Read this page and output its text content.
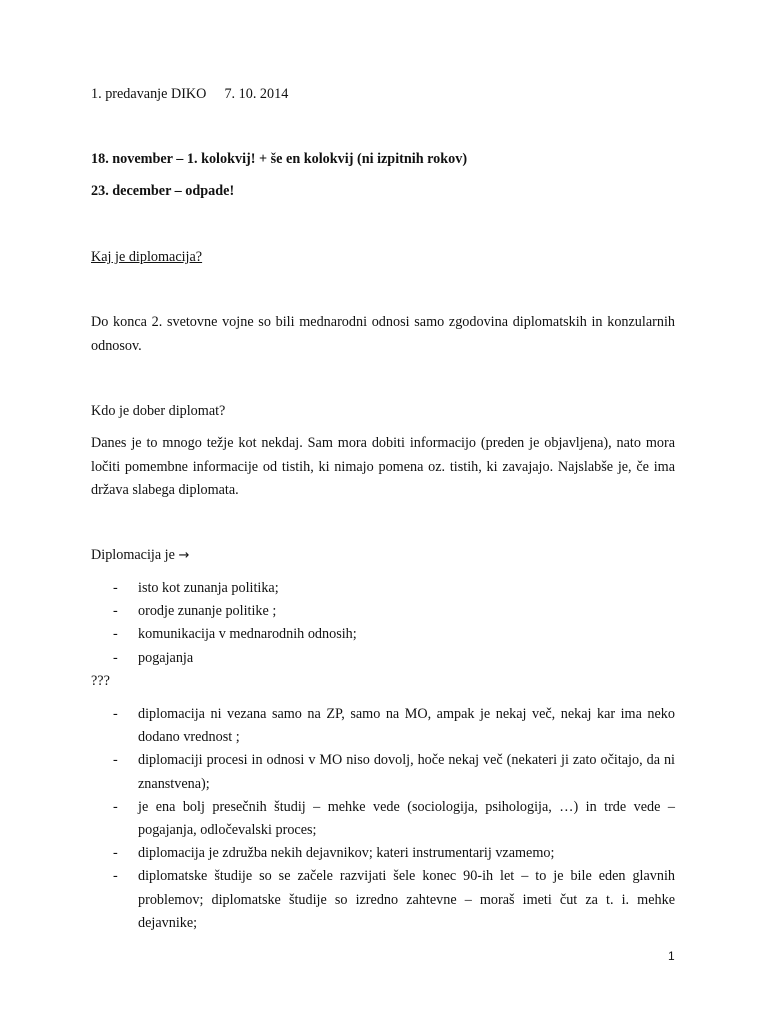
1. predavanje DIKO 7. 10. 2014
18. november – 1. kolokvij! + še en kolokvij (ni izpitnih rokov)
23. december – odpade!
Kaj je diplomacija?
Do konca 2. svetovne vojne so bili mednarodni odnosi samo zgodovina diplomatskih in konzularnih odnosov.
Kdo je dober diplomat?
Danes je to mnogo težje kot nekdaj. Sam mora dobiti informacijo (preden je objavljena), nato mora ločiti pomembne informacije od tistih, ki nimajo pomena oz. tistih, ki zavajajo. Najslabše je, če ima država slabega diplomata.
Diplomacija je →
- isto kot zunanja politika;
- orodje zunanje politike ;
- komunikacija v mednarodnih odnosih;
- pogajanja
???
- diplomacija ni vezana samo na ZP, samo na MO, ampak je nekaj več, nekaj kar ima neko dodano vrednost ;
- diplomaciji procesi in odnosi v MO niso dovolj, hoče nekaj več (nekateri ji zato očitajo, da ni znanstvena);
- je ena bolj presečnih študij – mehke vede (sociologija, psihologija, …) in trde vede – pogajanja, odločevalski proces;
- diplomacija je združba nekih dejavnikov; kateri instrumentarij vzamemo;
- diplomatske študije so se začele razvijati šele konec 90-ih let – to je bile eden glavnih problemov; diplomatske študije so izredno zahtevne – moraš imeti čut za t. i. mehke dejavnike;
1
